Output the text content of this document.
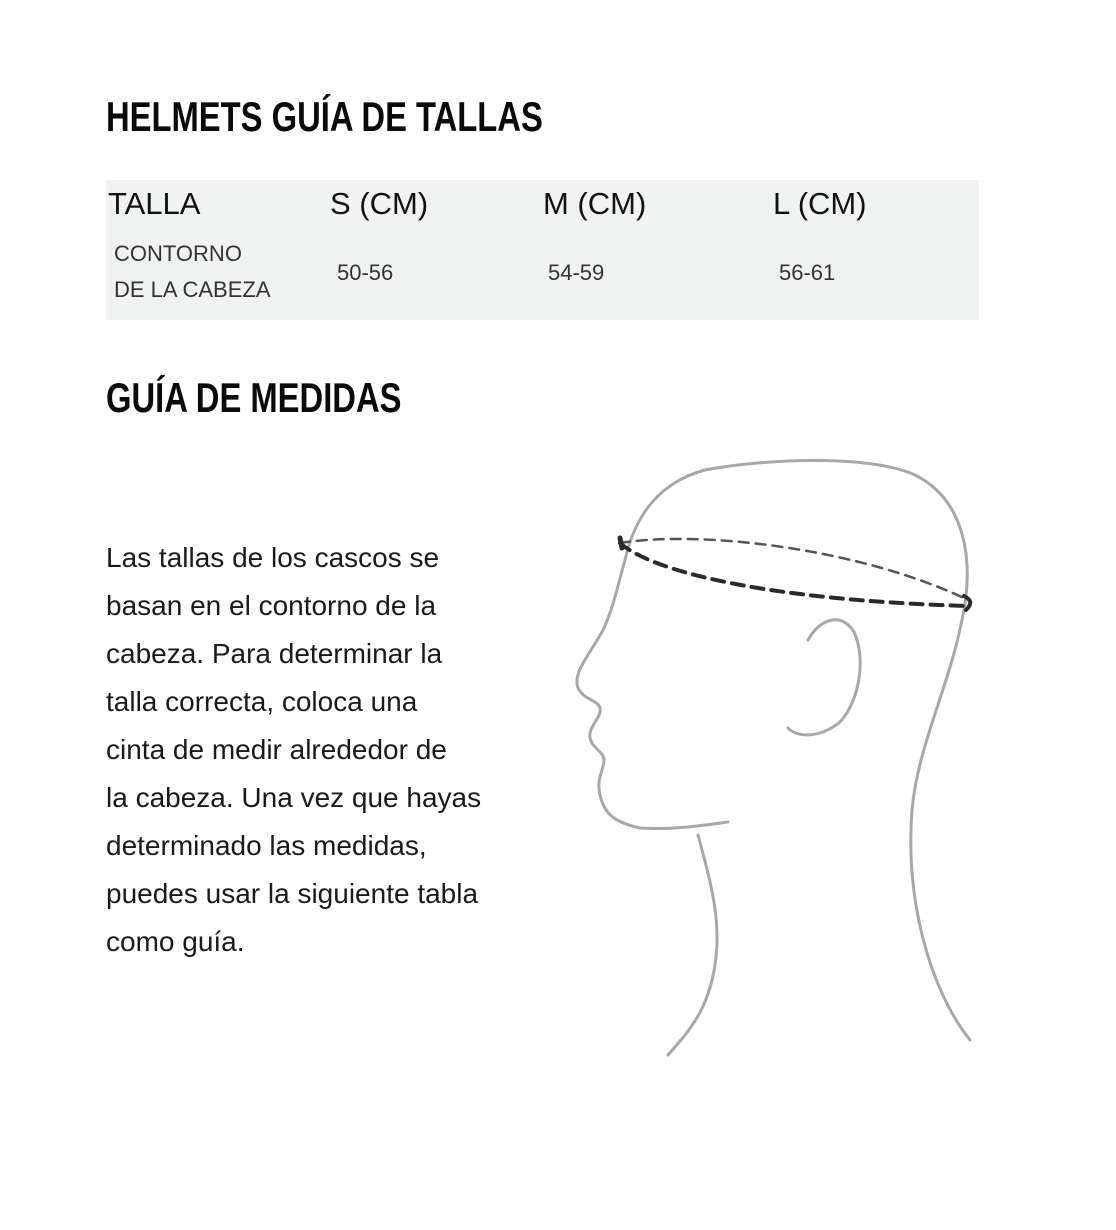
HELMETS GUÍA DE TALLAS
TALLA	S (CM)	M (CM)	L (CM)
CONTORNO
DE LA CABEZA
50-56	54-59	56-61
GUÍA DE MEDIDAS
Las tallas de los cascos se
basan en el contorno de la
cabeza. Para determinar la
talla correcta, coloca una
cinta de medir alrededor de
la cabeza. Una vez que hayas
determinado las medidas,
puedes usar la siguiente tabla
como guía.
